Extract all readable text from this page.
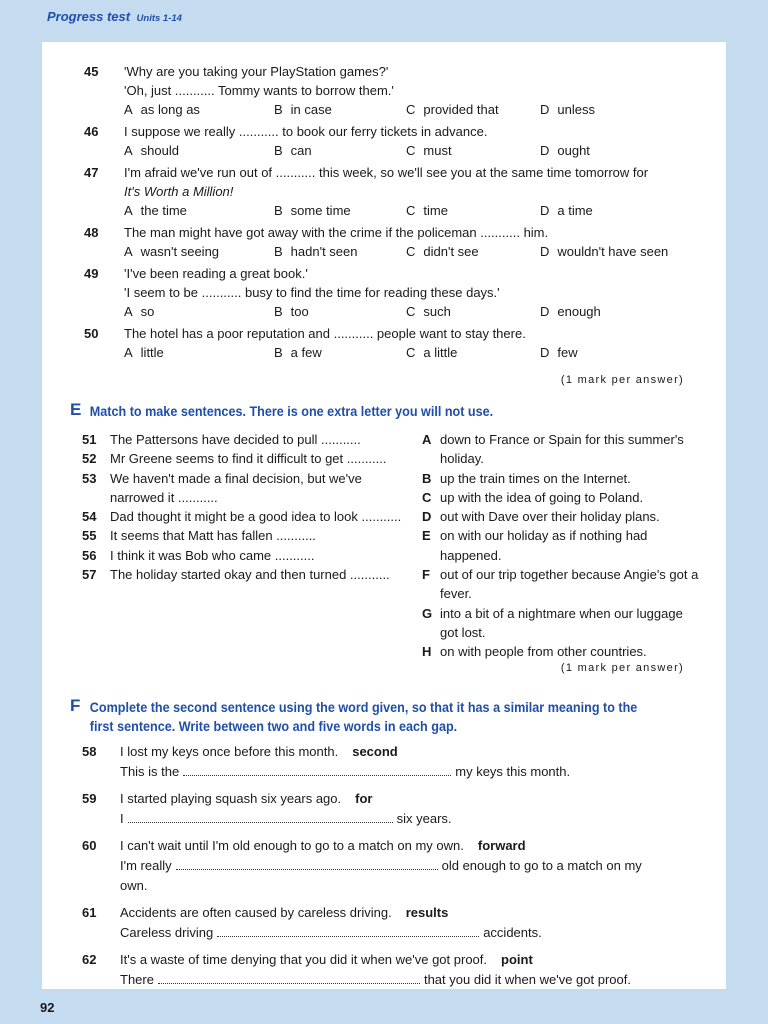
Progress test Units 1-14
45 'Why are you taking your PlayStation games?'
'Oh, just ........... Tommy wants to borrow them.'
A as long as	B in case	C provided that	D unless
46 I suppose we really ........... to book our ferry tickets in advance.
A should	B can	C must	D ought
47 I'm afraid we've run out of ........... this week, so we'll see you at the same time tomorrow for
It's Worth a Million!
A the time	B some time	C time	D a time
48 The man might have got away with the crime if the policeman ........... him.
A wasn't seeing	B hadn't seen	C didn't see	D wouldn't have seen
49 'I've been reading a great book.'
'I seem to be ........... busy to find the time for reading these days.'
A so	B too	C such	D enough
50 The hotel has a poor reputation and ........... people want to stay there.
A little	B a few	C a little	D few
(1 mark per answer)
E Match to make sentences. There is one extra letter you will not use.
51 The Pattersons have decided to pull ...........
52 Mr Greene seems to find it difficult to get ...........
53 We haven't made a final decision, but we've narrowed it ...........
54 Dad thought it might be a good idea to look ...........
55 It seems that Matt has fallen ...........
56 I think it was Bob who came ...........
57 The holiday started okay and then turned ...........
A down to France or Spain for this summer's holiday.
B up the train times on the Internet.
C up with the idea of going to Poland.
D out with Dave over their holiday plans.
E on with our holiday as if nothing had happened.
F out of our trip together because Angie's got a fever.
G into a bit of a nightmare when our luggage got lost.
H on with people from other countries.
(1 mark per answer)
F Complete the second sentence using the word given, so that it has a similar meaning to the first sentence. Write between two and five words in each gap.
58 I lost my keys once before this month. second
This is the	my keys this month.
59 I started playing squash six years ago. for
I	six years.
60 I can't wait until I'm old enough to go to a match on my own. forward
I'm really	old enough to go to a match on my own.
61 Accidents are often caused by careless driving. results
Careless driving	accidents.
62 It's a waste of time denying that you did it when we've got proof. point
There	that you did it when we've got proof.
92
